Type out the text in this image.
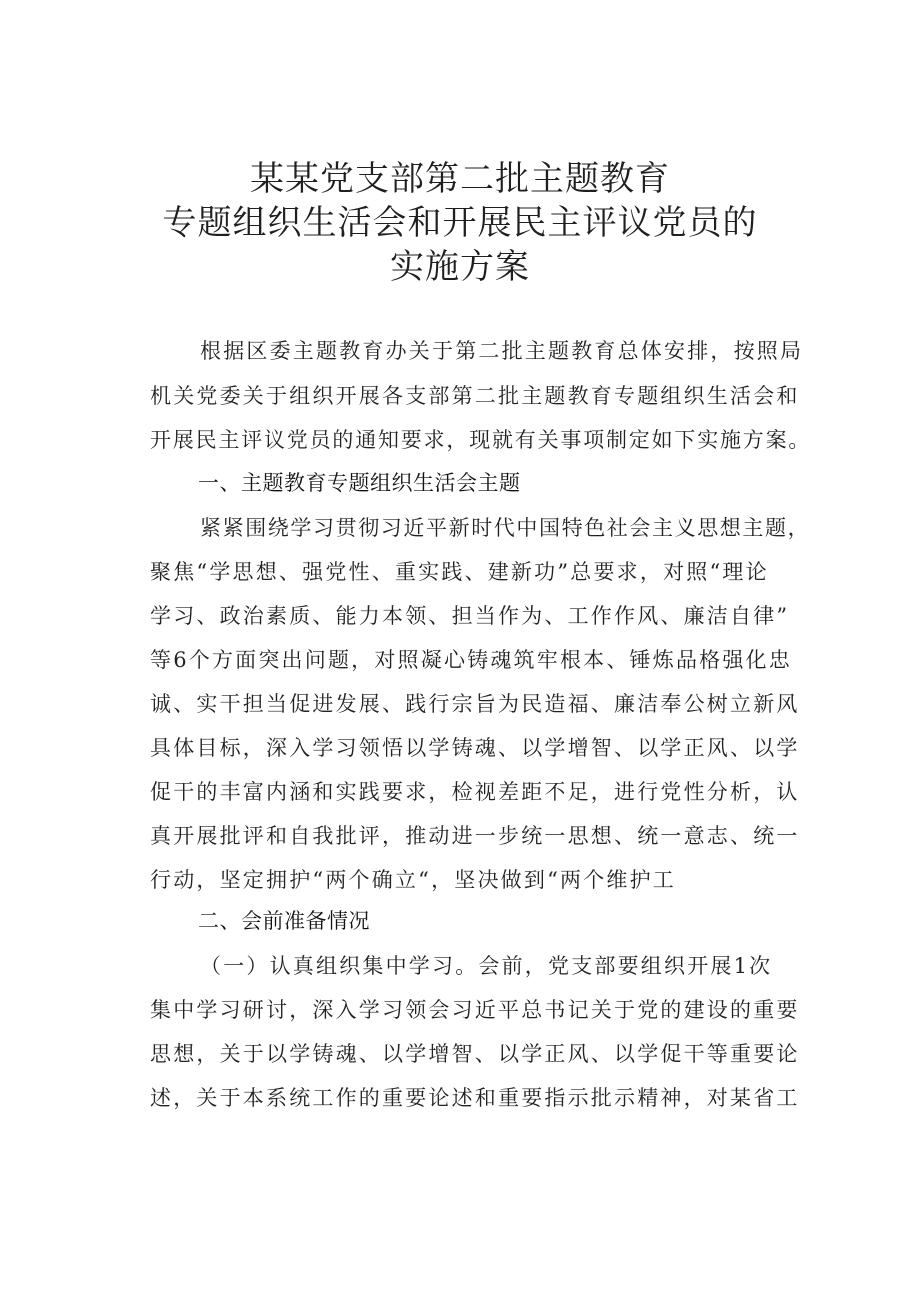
某某党支部第二批主题教育
专题组织生活会和开展民主评议党员的
实施方案
根据区委主题教育办关于第二批主题教育总体安排，按照局
机关党委关于组织开展各支部第二批主题教育专题组织生活会和
开展民主评议党员的通知要求，现就有关事项制定如下实施方案。
一、主题教育专题组织生活会主题
紧紧围绕学习贯彻习近平新时代中国特色社会主义思想主题，
聚焦“学思想、强党性、重实践、建新功”总要求，对照“理论
学习、政治素质、能力本领、担当作为、工作作风、廉洁自律”
等6个方面突出问题，对照凝心铸魂筑牢根本、锤炼品格强化忠
诚、实干担当促进发展、践行宗旨为民造福、廉洁奉公树立新风
具体目标，深入学习领悟以学铸魂、以学增智、以学正风、以学
促干的丰富内涵和实践要求，检视差距不足，进行党性分析，认
真开展批评和自我批评，推动进一步统一思想、统一意志、统一
行动，坚定拥护“两个确立“，坚决做到“两个维护工
二、会前准备情况
（一）认真组织集中学习。会前，党支部要组织开展1次
集中学习研讨，深入学习领会习近平总书记关于党的建设的重要
思想，关于以学铸魂、以学增智、以学正风、以学促干等重要论
述，关于本系统工作的重要论述和重要指示批示精神，对某省工
